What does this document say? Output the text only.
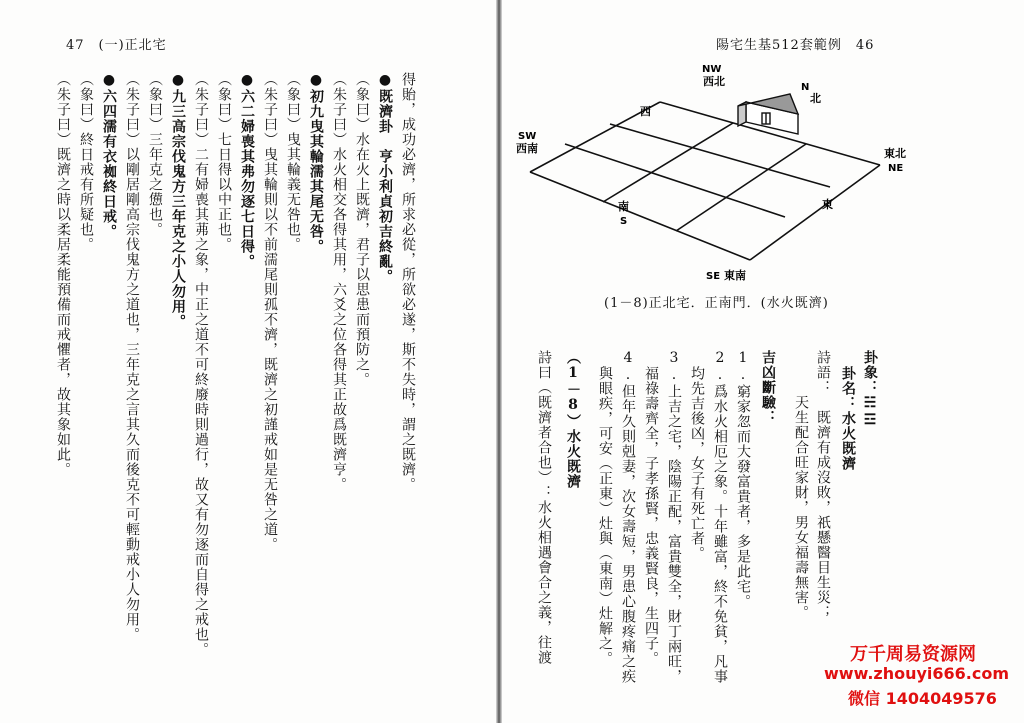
47　(一)正北宅	陽宅生基512套範例　46
得貽，成功必濟，所求必從，所欲必遂，斯不失時，謂之既濟。
●既濟卦　亨小利貞初吉終亂。
（象曰）水在火上既濟，君子以思患而預防之。
（朱子曰）水火相交各得其用，六爻之位各得其正故爲既濟亨。
●初九曳其輪濡其尾无咎。
（象曰）曳其輪義无咎也。
（朱子曰）曳其輪則以不前濡尾則孤不濟，既濟之初謹戒如是无咎之道。
●六二婦喪其弗勿逐七日得。
（象曰）七日得以中正也。
（朱子曰）二有婦喪其茀之象，中正之道不可終廢時則過行，故又有勿逐而自得之戒也。
●九三高宗伐鬼方三年克之小人勿用。
（象曰）三年克之憊也。
（朱子曰）以剛居剛高宗伐鬼方之道也，三年克之言其久而後克不可輕動戒小人勿用。
●六四濡有衣袽終日戒。
（象曰）終日戒有所疑也。
（朱子曰）既濟之時以柔居柔能預備而戒懼者，故其象如此。
NW
西北	N
北
西
SW
西南	東北
NE
南
S
東
SE 東南
(1－8)正北宅．正南門．(水火既濟)
卦象：☵☲
卦名：水火既濟
詩語：　既濟有成沒敗，祇懸醫目生災；
　　　天生配合旺家財，男女福壽無害。
吉凶斷驗：
1.窮家忽而大發富貴者，多是此宅。
2.爲水火相厄之象。十年雖富，終不免貧，凡事
均先吉後凶，女子有死亡者。
3.上吉之宅，陰陽正配，富貴雙全，財丁兩旺，
福祿壽齊全，子孝孫賢，忠義賢良，生四子。
4.但年久則剋妻，次女壽短，男患心腹疼痛之疾
與眼疾，可安（正東）灶與（東南）灶解之。
（1－8）水火既濟
詩曰（既濟者合也）：水火相遇會合之義，往渡	万千周易资源网
www.zhouyi666.com
微信 1404049576
